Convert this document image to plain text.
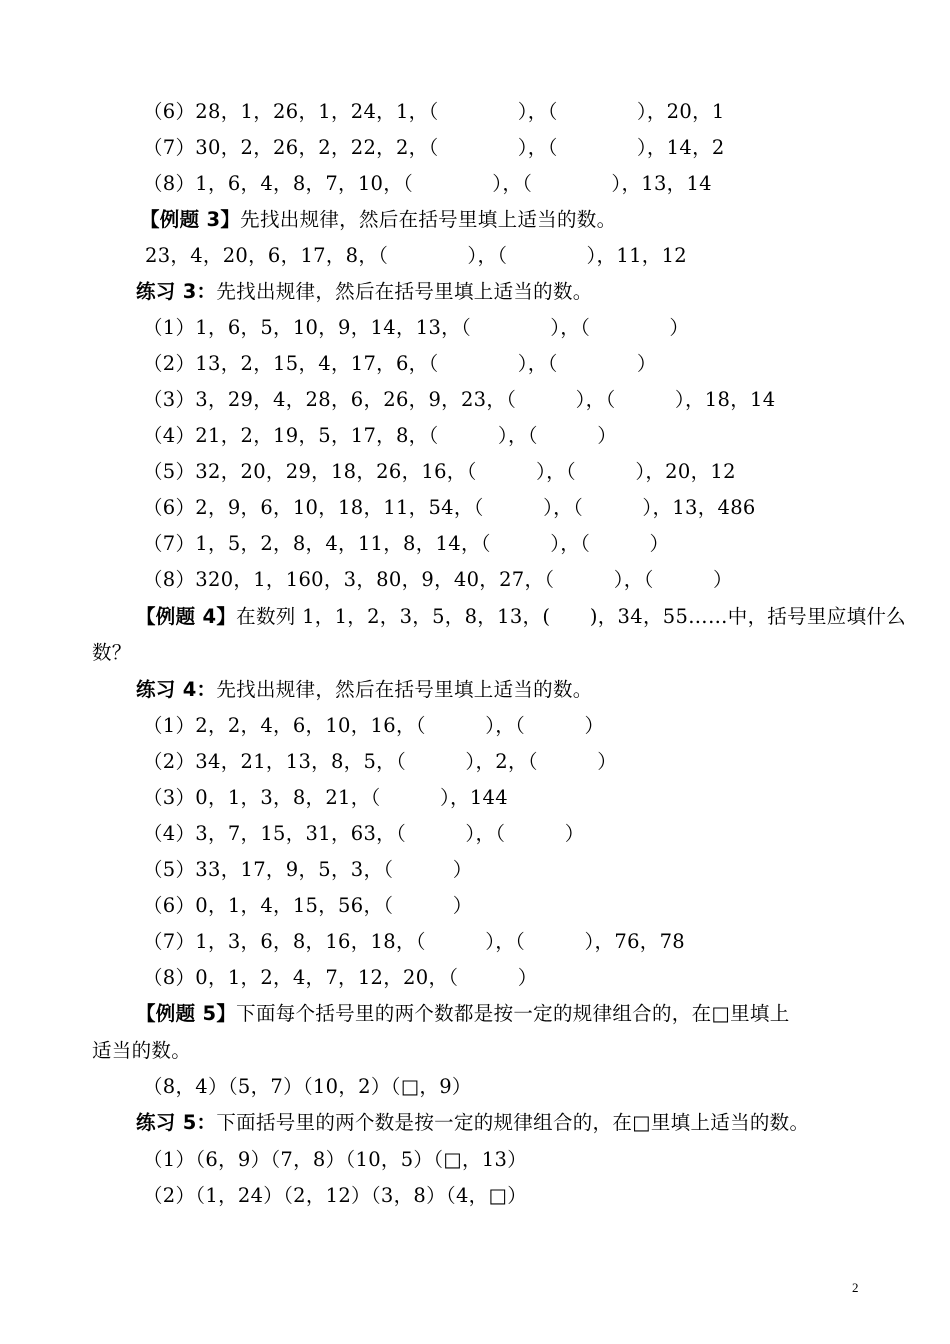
（6）28，1，26，1，24，1，（　　　　），（　　　　），20，1
（7）30，2，26，2，22，2，（　　　　），（　　　　），14，2
（8）1，6，4，8，7，10，（　　　　），（　　　　），13，14
【例题 3】先找出规律，然后在括号里填上适当的数。
23，4，20，6，17，8，（　　　　），（　　　　），11，12
练习 3：先找出规律，然后在括号里填上适当的数。
（1）1，6，5，10，9，14，13，（　　　　），（　　　　）
（2）13，2，15，4，17，6，（　　　　），（　　　　）
（3）3，29，4，28，6，26，9，23，（　　　），（　　　），18，14
（4）21，2，19，5，17，8，（　　　），（　　　）
（5）32，20，29，18，26，16，（　　　），（　　　），20，12
（6）2，9，6，10，18，11，54，（　　　），（　　　），13，486
（7）1，5，2，8，4，11，8，14，（　　　），（　　　）
（8）320，1，160，3，80，9，40，27，（　　　），（　　　）
【例题 4】在数列 1，1，2，3，5，8，13，(　　)，34，55……中，括号里应填什么
数？
练习 4：先找出规律，然后在括号里填上适当的数。
（1）2，2，4，6，10，16，（　　　），（　　　）
（2）34，21，13，8，5，（　　　），2，（　　　）
（3）0，1，3，8，21，（　　　），144
（4）3，7，15，31，63，（　　　），（　　　）
（5）33，17，9，5，3，（　　　）
（6）0，1，4，15，56，（　　　）
（7）1，3，6，8，16，18，（　　　），（　　　），76，78
（8）0，1，2，4，7，12，20，（　　　）
【例题 5】下面每个括号里的两个数都是按一定的规律组合的，在□里填上
适当的数。
（8，4）（5，7）（10，2）（□，9）
练习 5：下面括号里的两个数是按一定的规律组合的，在□里填上适当的数。
（1）（6，9）（7，8）（10，5）（□，13）
（2）（1，24）（2，12）（3，8）（4，□）
2
